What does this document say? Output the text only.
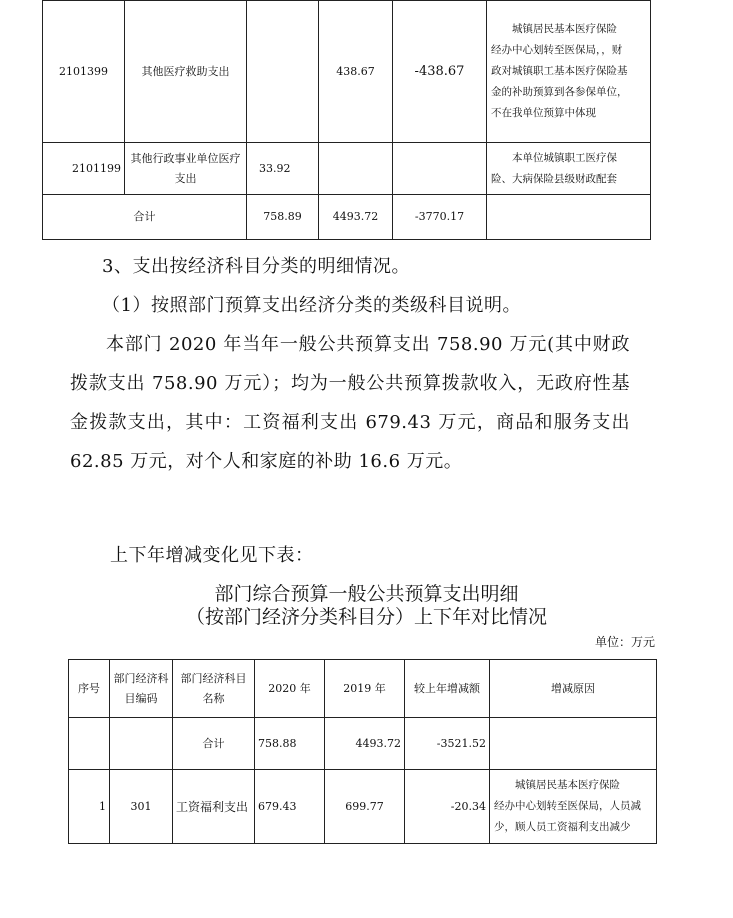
2101399	其他医疗救助支出		438.67	-438.67	城镇居民基本医疗保险
经办中心划转至医保局，，财
政对城镇职工基本医疗保险基
金的补助预算到各参保单位，
不在我单位预算中体现

2101199	其他行政事业单位医疗支出	33.92			本单位城镇职工医疗保
险、大病保险县级财政配套

合计		758.89	4493.72	-3770.17	

3、支出按经济科目分类的明细情况。

（1）按照部门预算支出经济分类的类级科目说明。

本部门 2020 年当年一般公共预算支出 758.90 万元(其中财政拨款支出 758.90 万元）；均为一般公共预算拨款收入，无政府性基金拨款支出，其中：工资福利支出 679.43 万元，商品和服务支出 62.85 万元，对个人和家庭的补助 16.6 万元。

上下年增减变化见下表：

部门综合预算一般公共预算支出明细

（按部门经济分类科目分）上下年对比情况

单位：万元
序号	部门经济科目编码	部门经济科目名称	2020 年	2019 年	较上年增减额	增减原因
		合计	758.88	4493.72	-3521.52	
1	301	工资福利支出	679.43	699.77	-20.34	城镇居民基本医疗保险
经办中心划转至医保局，人员减
少，顾人员工资福利支出减少
